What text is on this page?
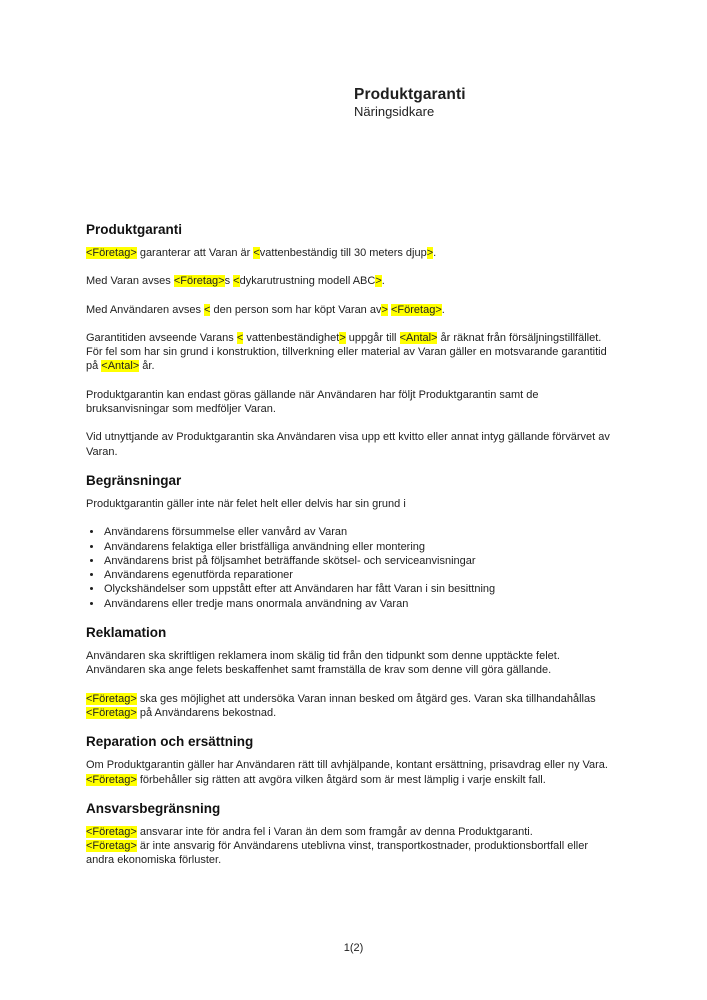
Produktgaranti
Näringsidkare
Produktgaranti

<Företag> garanterar att Varan är <vattenbeständig till 30 meters djup>.

Med Varan avses <Företag>s <dykarutrustning modell ABC>.

Med Användaren avses < den person som har köpt Varan av> <Företag>.

Garantitiden avseende Varans < vattenbeständighet> uppgår till <Antal> år räknat från försäljningstillfället. För fel som har sin grund i konstruktion, tillverkning eller material av Varan gäller en motsvarande garantitid på <Antal> år.

Produktgarantin kan endast göras gällande när Användaren har följt Produktgarantin samt de bruksanvisningar som medföljer Varan.

Vid utnyttjande av Produktgarantin ska Användaren visa upp ett kvitto eller annat intyg gällande förvärvet av Varan.

Begränsningar

Produktgarantin gäller inte när felet helt eller delvis har sin grund i

• Användarens försummelse eller vanvård av Varan
• Användarens felaktiga eller bristfälliga användning eller montering
• Användarens brist på följsamhet beträffande skötsel- och serviceanvisningar
• Användarens egenutförda reparationer
• Olyckshändelser som uppstått efter att Användaren har fått Varan i sin besittning
• Användarens eller tredje mans onormala användning av Varan
Reklamation

Användaren ska skriftligen reklamera inom skälig tid från den tidpunkt som denne upptäckte felet. Användaren ska ange felets beskaffenhet samt framställa de krav som denne vill göra gällande.

<Företag> ska ges möjlighet att undersöka Varan innan besked om åtgärd ges. Varan ska tillhandahållas <Företag> på Användarens bekostnad.

Reparation och ersättning

Om Produktgarantin gäller har Användaren rätt till avhjälpande, kontant ersättning, prisavdrag eller ny Vara. <Företag> förbehåller sig rätten att avgöra vilken åtgärd som är mest lämplig i varje enskilt fall.

Ansvarsbegränsning

<Företag> ansvarar inte för andra fel i Varan än dem som framgår av denna Produktgaranti.
<Företag> är inte ansvarig för Användarens uteblivna vinst, transportkostnader, produktionsbortfall eller andra ekonomiska förluster.

1(2)
